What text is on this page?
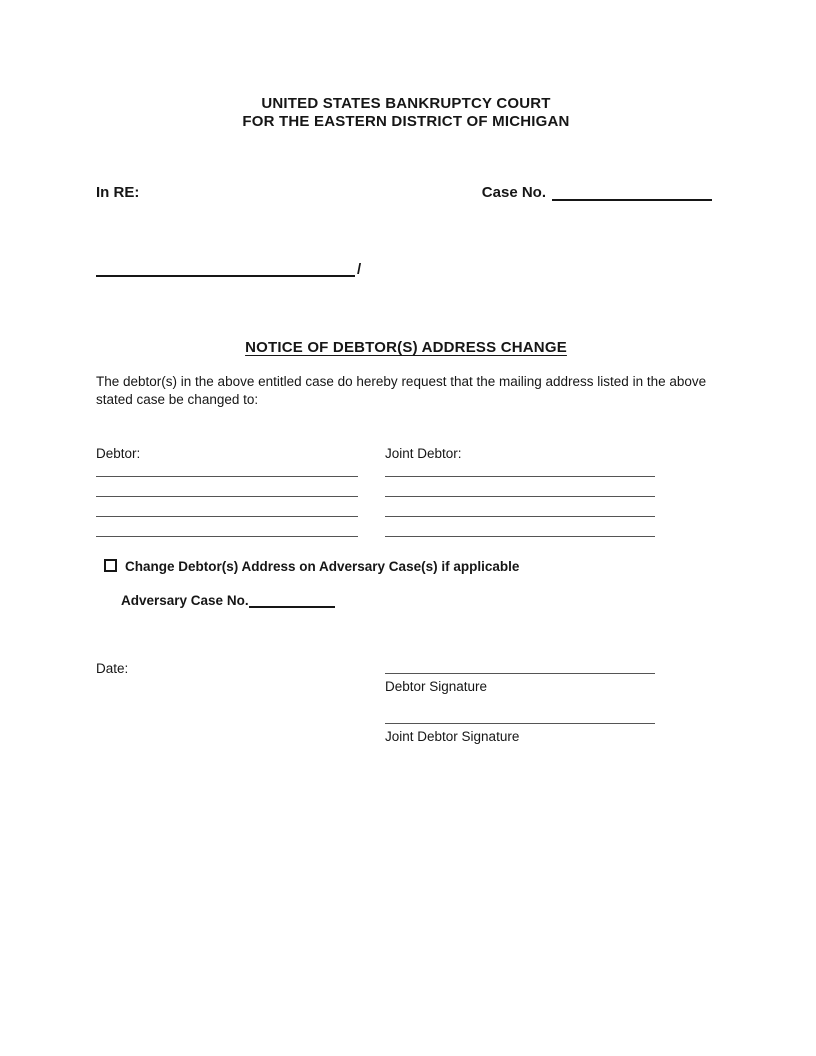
UNITED STATES BANKRUPTCY COURT
FOR THE EASTERN DISTRICT OF MICHIGAN
In RE:	Case No.
/
NOTICE OF DEBTOR(S) ADDRESS CHANGE
The debtor(s) in the above entitled case do hereby request that the mailing address listed in the above stated case be changed to:
Debtor:	Joint Debtor:
Change Debtor(s) Address on Adversary Case(s) if applicable
Adversary Case No.
Date:
Debtor Signature
Joint Debtor Signature
